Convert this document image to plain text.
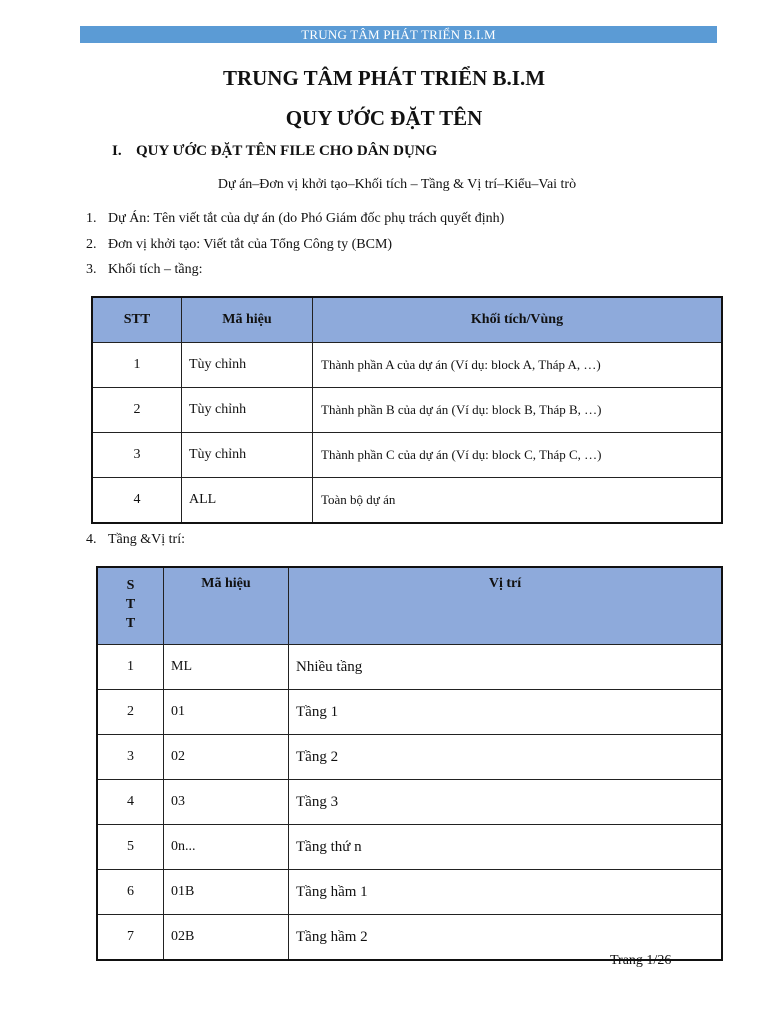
TRUNG TÂM PHÁT TRIỂN B.I.M
TRUNG TÂM PHÁT TRIỂN B.I.M
QUY ƯỚC ĐẶT TÊN
I. QUY ƯỚC ĐẶT TÊN FILE CHO DÂN DỤNG
Dự án–Đơn vị khởi tạo–Khối tích – Tầng & Vị trí–Kiểu–Vai trò
1. Dự Án: Tên viết tắt của dự án (do Phó Giám đốc phụ trách quyết định)
2. Đơn vị khởi tạo: Viết tắt của Tổng Công ty (BCM)
3. Khối tích – tầng:
STT	Mã hiệu	Khối tích/Vùng
1	Tùy chỉnh	Thành phần A của dự án (Ví dụ: block A, Tháp A, …)
2	Tùy chỉnh	Thành phần B của dự án (Ví dụ: block B, Tháp B, …)
3	Tùy chỉnh	Thành phần C của dự án (Ví dụ: block C, Tháp C, …)
4	ALL	Toàn bộ dự án
4. Tầng &Vị trí:
STT	Mã hiệu	Vị trí
1	ML	Nhiều tầng
2	01	Tầng 1
3	02	Tầng 2
4	03	Tầng 3
5	0n...	Tầng thứ n
6	01B	Tầng hầm 1
7	02B	Tầng hầm 2
Trang 1/26
